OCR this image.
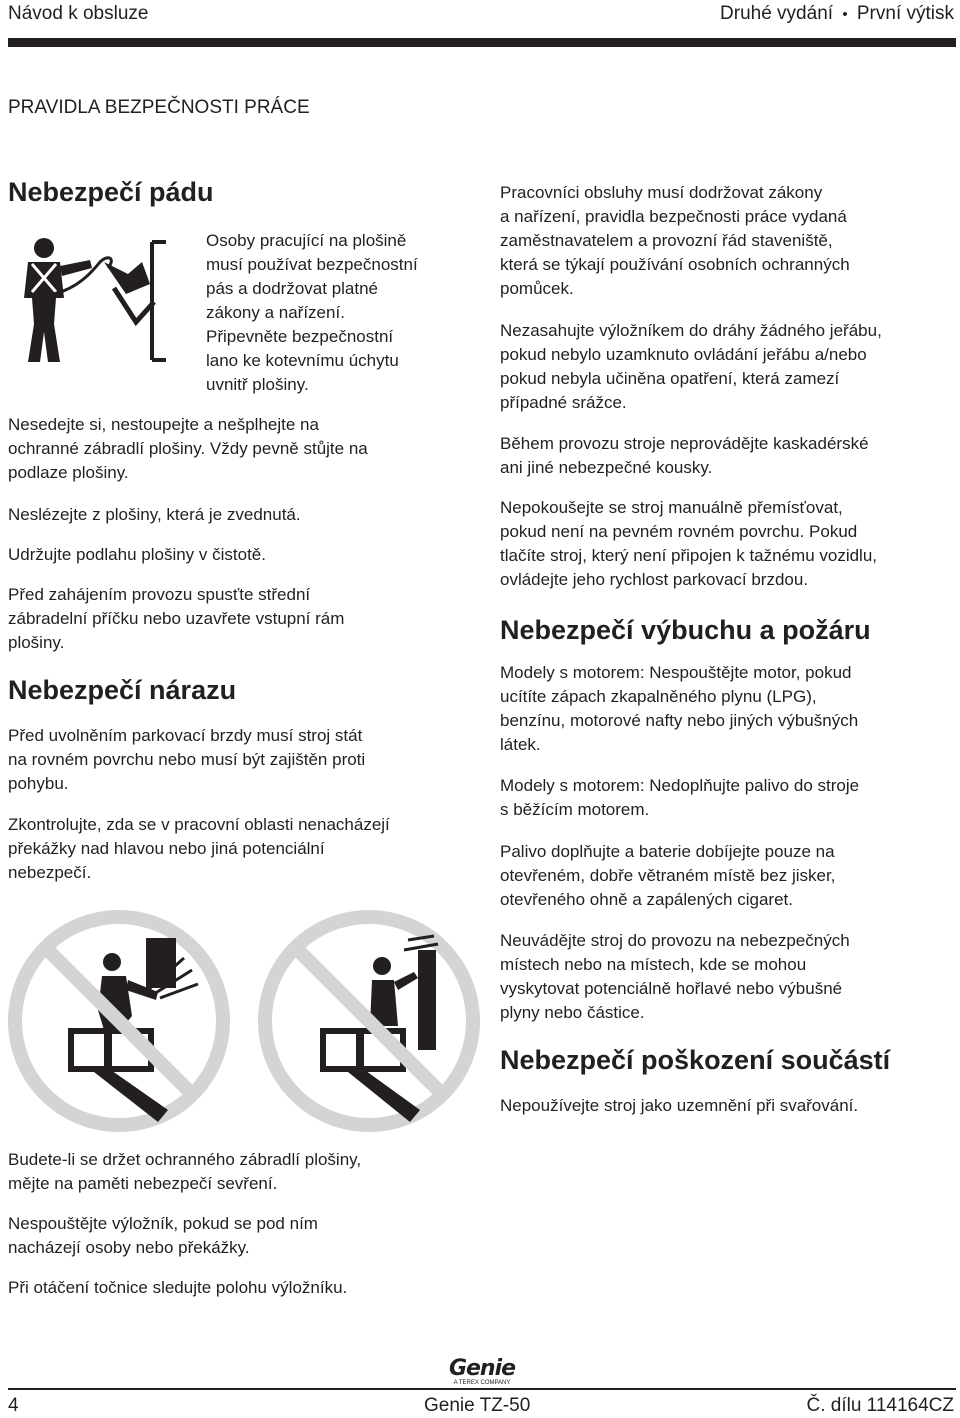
Návod k obsluze	Druhé vydání • První výtisk
PRAVIDLA BEZPEČNOSTI PRÁCE
Nebezpečí pádu

Osoby pracující na plošině

musí používat bezpečnostní

pás a dodržovat platné

zákony a nařízení.

Připevněte bezpečnostní

lano ke kotevnímu úchytu

uvnitř plošiny.

Nesedejte si, nestoupejte a nešplhejte na

ochranné zábradlí plošiny. Vždy pevně stůjte na

podlaze plošiny.

Neslézejte z plošiny, která je zvednutá.

Udržujte podlahu plošiny v čistotě.

Před zahájením provozu spusťte střední

zábradelní příčku nebo uzavřete vstupní rám

plošiny.

Nebezpečí nárazu

Před uvolněním parkovací brzdy musí stroj stát

na rovném povrchu nebo musí být zajištěn proti

pohybu.

Zkontrolujte, zda se v pracovní oblasti nenacházejí

překážky nad hlavou nebo jiná potenciální

nebezpečí.

Budete-li se držet ochranného zábradlí plošiny,

mějte na paměti nebezpečí sevření.

Nespouštějte výložník, pokud se pod ním

nacházejí osoby nebo překážky.

Při otáčení točnice sledujte polohu výložníku.

Pracovníci obsluhy musí dodržovat zákony

a nařízení, pravidla bezpečnosti práce vydaná

zaměstnavatelem a provozní řád staveniště,

která se týkají používání osobních ochranných

pomůcek.

Nezasahujte výložníkem do dráhy žádného jeřábu,

pokud nebylo uzamknuto ovládání jeřábu a/nebo

pokud nebyla učiněna opatření, která zamezí

případné srážce.

Během provozu stroje neprovádějte kaskadérské

ani jiné nebezpečné kousky.

Nepokoušejte se stroj manuálně přemísťovat,

pokud není na pevném rovném povrchu. Pokud

tlačíte stroj, který není připojen k tažnému vozidlu,

ovládejte jeho rychlost parkovací brzdou.

Nebezpečí výbuchu a požáru

Modely s motorem: Nespouštějte motor, pokud

ucítíte zápach zkapalněného plynu (LPG),

benzínu, motorové nafty nebo jiných výbušných

látek.

Modely s motorem: Nedoplňujte palivo do stroje

s běžícím motorem.

Palivo doplňujte a baterie dobíjejte pouze na

otevřeném, dobře větraném místě bez jisker,

otevřeného ohně a zapálených cigaret.

Neuvádějte stroj do provozu na nebezpečných

místech nebo na místech, kde se mohou

vyskytovat potenciálně hořlavé nebo výbušné

plyny nebo částice.

Nebezpečí poškození součástí

Nepoužívejte stroj jako uzemnění při svařování.

Genie
A TEREX COMPANY
4	Genie TZ-50	Č. dílu 114164CZ
